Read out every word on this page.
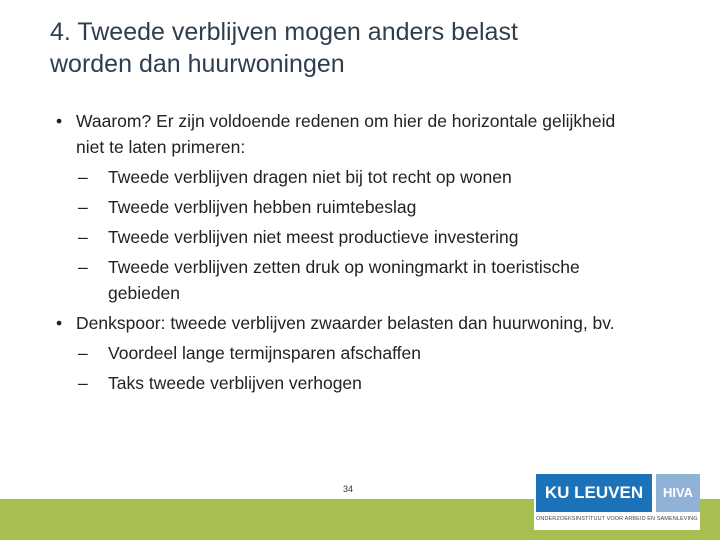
4. Tweede verblijven mogen anders belast
worden dan huurwoningen
• Waarom? Er zijn voldoende redenen om hier de horizontale gelijkheid
niet te laten primeren:
– Tweede verblijven dragen niet bij tot recht op wonen
– Tweede verblijven hebben ruimtebeslag
– Tweede verblijven niet meest productieve investering
– Tweede verblijven zetten druk op woningmarkt in toeristische
gebieden
• Denkspoor: tweede verblijven zwaarder belasten dan huurwoning, bv.
– Voordeel lange termijnsparen afschaffen
– Taks tweede verblijven verhogen
34	KU LEUVEN	HIVA
ONDERZOEKSINSTITUUT VOOR ARBEID EN SAMENLEVING
